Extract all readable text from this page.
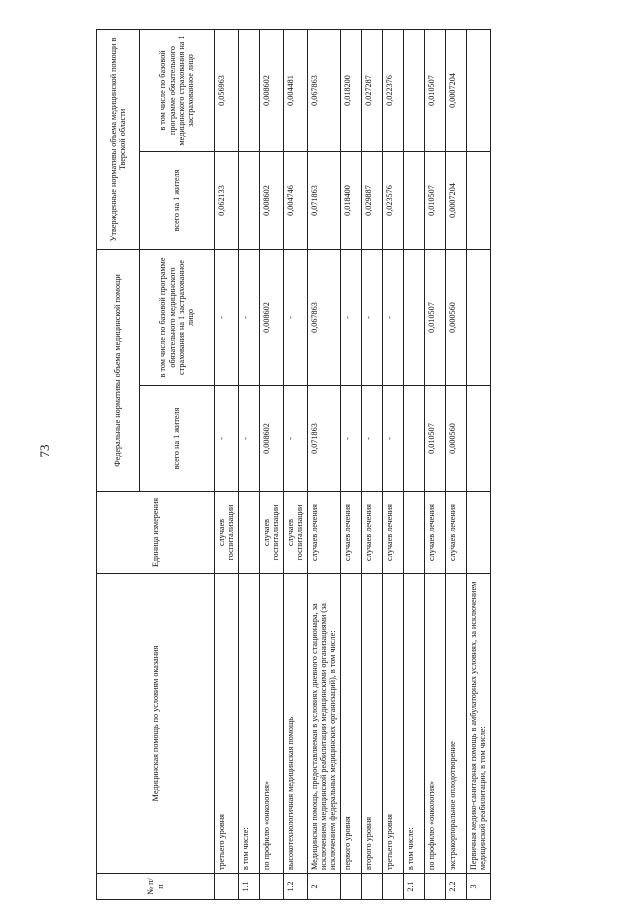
73
№ п/п	Медицинская помощь по условиям оказания	Единица измерения	Федеральные нормативы объема медицинской помощи		Утвержденные нормативы объема медицинской помощи в Тверской области	
			всего на 1 жителя	в том числе по базовой программе обязательного медицинского страхования на 1 застрахованное лицо	всего на 1 жителя	в том числе по базовой программе обязательного медицинского страхования на 1 застрахованное лицо
	третьего уровня	случаев госпитализации	-	-	0,062133	0,056963
1.1	в том числе:		-	-		
	по профилю «онкология»	случаев госпитализации	0,008602	0,008602	0,008602	0,008602
1.2	высокотехнологичная медицинская помощь	случаев госпитализации	-	-	0,004746	0,004481
2	Медицинская помощь, предоставляемая в условиях дневного стационара, за исключением медицинской реабилитации медицинскими организациями (за исключением федеральных медицинских организаций), в том числе:	случаев лечения	0,071863	0,067863	0,071863	0,067863
	первого уровня	случаев лечения	-	-	0,018400	0,018200
	второго уровня	случаев лечения	-	-	0,029887	0,027287
	третьего уровня	случаев лечения	-	-	0,023576	0,022376
2.1	в том числе:					
	по профилю «онкология»	случаев лечения	0,010507	0,010507	0,010507	0,010507
2.2	экстракорпоральное оплодотворение	случаев лечения	0,000560	0,000560	0,0007204	0,0007204
3	Первичная медико-санитарная помощь в амбулаторных условиях, за исключением медицинской реабилитации, в том числе:					
